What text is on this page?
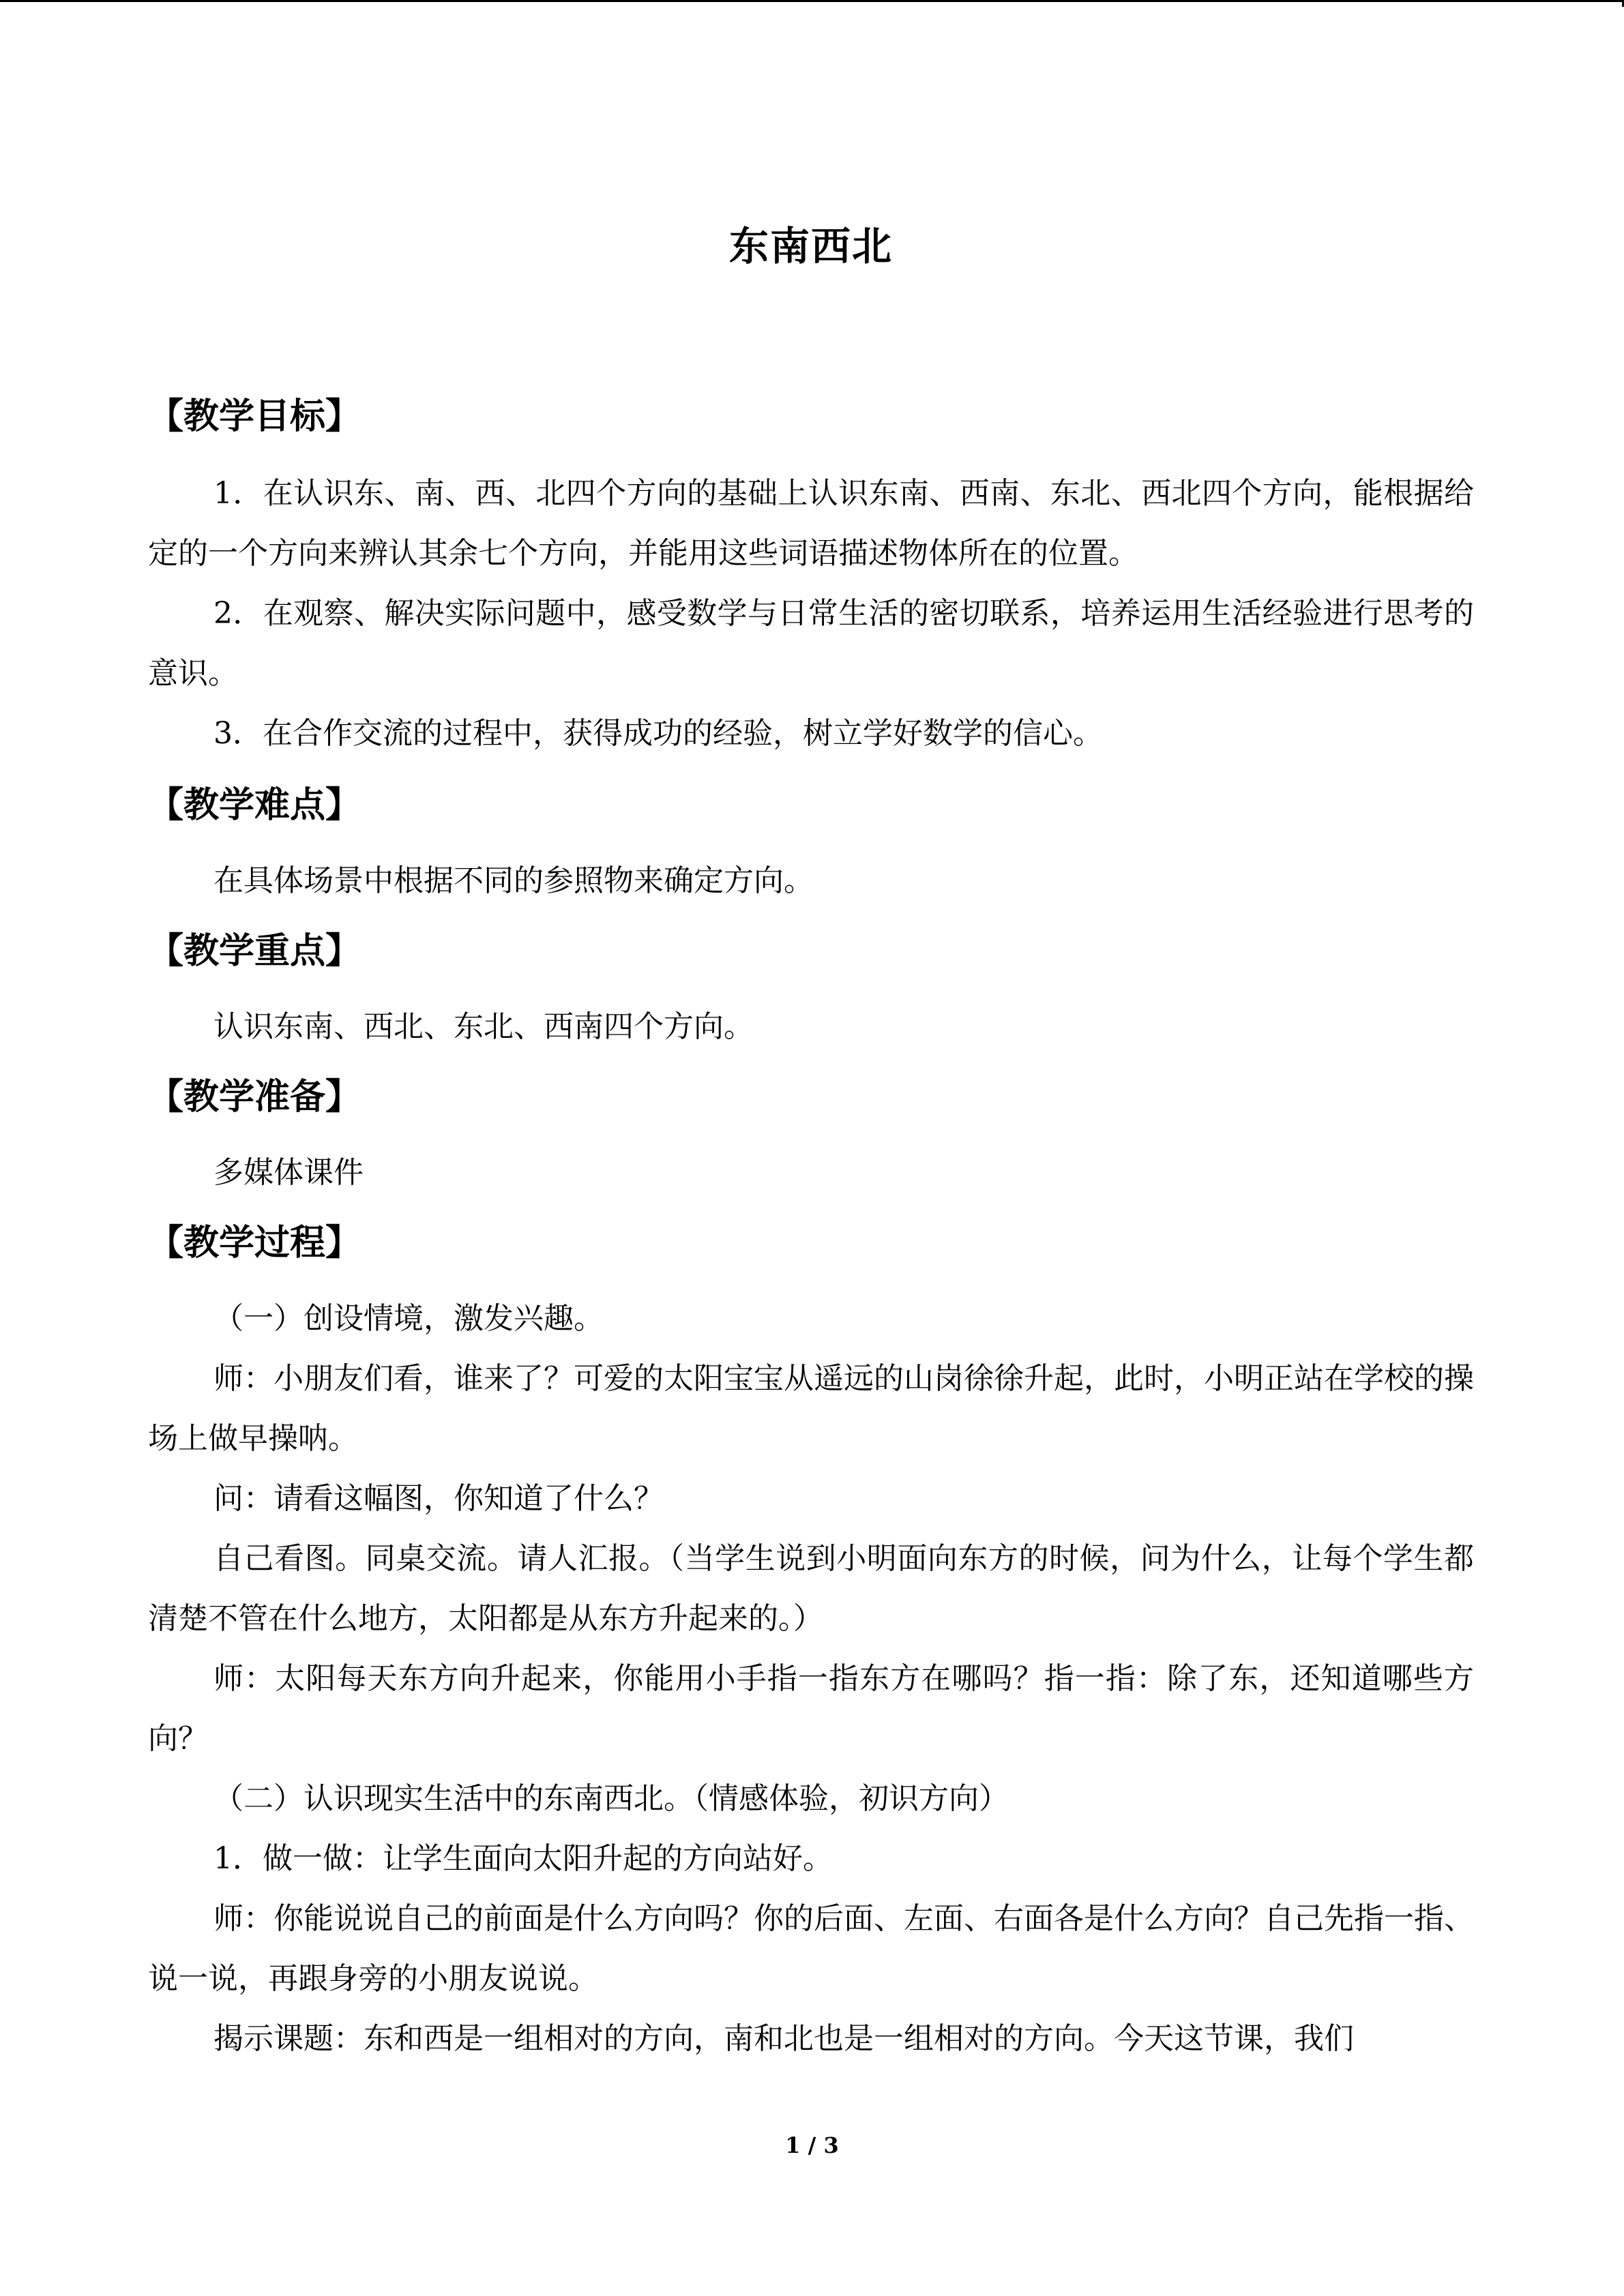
东南西北
【教学目标】
1．在认识东、南、西、北四个方向的基础上认识东南、西南、东北、西北四个方向，能根据给定的一个方向来辨认其余七个方向，并能用这些词语描述物体所在的位置。
2．在观察、解决实际问题中，感受数学与日常生活的密切联系，培养运用生活经验进行思考的意识。
3．在合作交流的过程中，获得成功的经验，树立学好数学的信心。
【教学难点】
在具体场景中根据不同的参照物来确定方向。
【教学重点】
认识东南、西北、东北、西南四个方向。
【教学准备】
多媒体课件
【教学过程】
（一）创设情境，激发兴趣。
师：小朋友们看，谁来了？可爱的太阳宝宝从遥远的山岗徐徐升起，此时，小明正站在学校的操场上做早操呐。
问：请看这幅图，你知道了什么？
自己看图。同桌交流。请人汇报。（当学生说到小明面向东方的时候，问为什么，让每个学生都清楚不管在什么地方，太阳都是从东方升起来的。）
师：太阳每天东方向升起来，你能用小手指一指东方在哪吗？指一指：除了东，还知道哪些方向？
（二）认识现实生活中的东南西北。（情感体验，初识方向）
1．做一做：让学生面向太阳升起的方向站好。
师：你能说说自己的前面是什么方向吗？你的后面、左面、右面各是什么方向？自己先指一指、说一说，再跟身旁的小朋友说说。
揭示课题：东和西是一组相对的方向，南和北也是一组相对的方向。今天这节课，我们
1 / 3
